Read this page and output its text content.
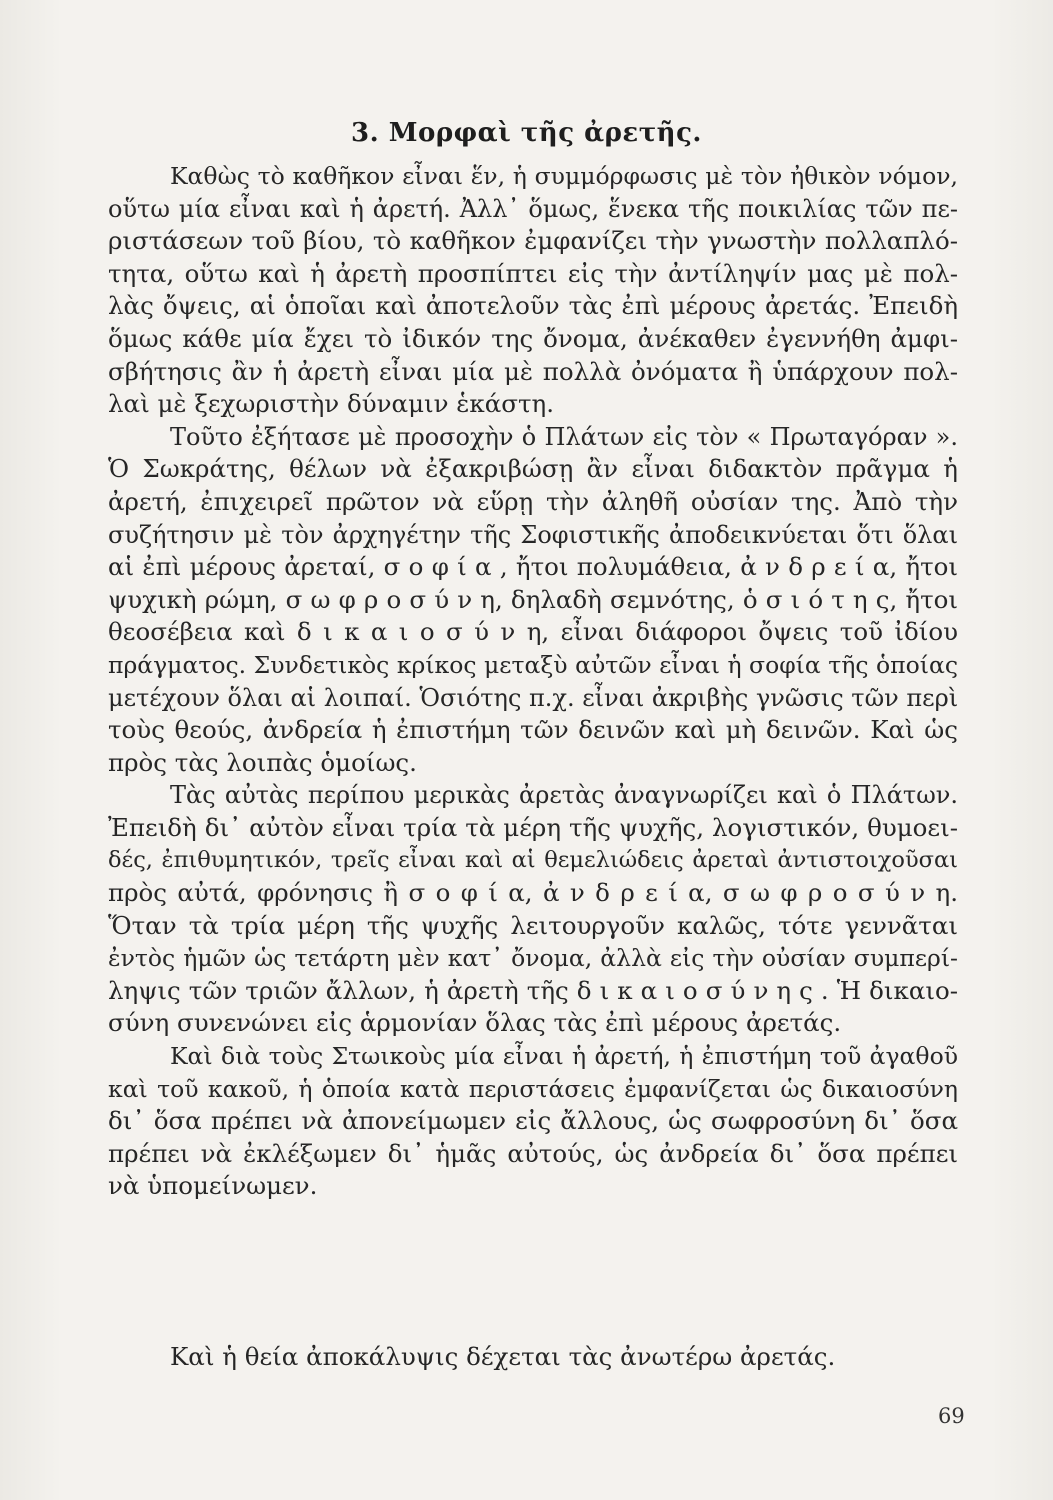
3. Μορφαὶ τῆς ἀρετῆς.
Καθὼς τὸ καθῆκον εἶναι ἕν, ἡ συμμόρφωσις μὲ τὸν ἠθικὸν νόμον,
οὕτω μία εἶναι καὶ ἡ ἀρετή. Ἀλλ᾽ ὅμως, ἕνεκα τῆς ποικιλίας τῶν πε-
ριστάσεων τοῦ βίου, τὸ καθῆκον ἐμφανίζει τὴν γνωστὴν πολλαπλό-
τητα, οὕτω καὶ ἡ ἀρετὴ προσπίπτει εἰς τὴν ἀντίληψίν μας μὲ πολ-
λὰς ὄψεις, αἱ ὁποῖαι καὶ ἀποτελοῦν τὰς ἐπὶ μέρους ἀρετάς. Ἐπειδὴ
ὅμως κάθε μία ἔχει τὸ ἰδικόν της ὄνομα, ἀνέκαθεν ἐγεννήθη ἀμφι-
σβήτησις ἂν ἡ ἀρετὴ εἶναι μία μὲ πολλὰ ὀνόματα ἢ ὑπάρχουν πολ-
λαὶ μὲ ξεχωριστὴν δύναμιν ἑκάστη.
Τοῦτο ἐξήτασε μὲ προσοχὴν ὁ Πλάτων εἰς τὸν « Πρωταγόραν ».
Ὁ Σωκράτης, θέλων νὰ ἐξακριβώσῃ ἂν εἶναι διδακτὸν πρᾶγμα ἡ
ἀρετή, ἐπιχειρεῖ πρῶτον νὰ εὕρῃ τὴν ἀληθῆ οὐσίαν της. Ἀπὸ τὴν
συζήτησιν μὲ τὸν ἀρχηγέτην τῆς Σοφιστικῆς ἀποδεικνύεται ὅτι ὅλαι
αἱ ἐπὶ μέρους ἀρεταί, σ ο φ ί α , ἤτοι πολυμάθεια, ἀ ν δ ρ ε ί α, ἤτοι
ψυχικὴ ρώμη, σ ω φ ρ ο σ ύ ν η, δηλαδὴ σεμνότης, ὁ σ ι ό τ η ς, ἤτοι
θεοσέβεια καὶ δ ι κ α ι ο σ ύ ν η, εἶναι διάφοροι ὄψεις τοῦ ἰδίου
πράγματος. Συνδετικὸς κρίκος μεταξὺ αὐτῶν εἶναι ἡ σοφία τῆς ὁποίας
μετέχουν ὅλαι αἱ λοιπαί. Ὁσιότης π.χ. εἶναι ἀκριβὴς γνῶσις τῶν περὶ
τοὺς θεούς, ἀνδρεία ἡ ἐπιστήμη τῶν δεινῶν καὶ μὴ δεινῶν. Καὶ ὡς
πρὸς τὰς λοιπὰς ὁμοίως.
Τὰς αὐτὰς περίπου μερικὰς ἀρετὰς ἀναγνωρίζει καὶ ὁ Πλάτων.
Ἐπειδὴ δι᾽ αὐτὸν εἶναι τρία τὰ μέρη τῆς ψυχῆς, λογιστικόν, θυμοει-
δές, ἐπιθυμητικόν, τρεῖς εἶναι καὶ αἱ θεμελιώδεις ἀρεταὶ ἀντιστοιχοῦσαι
πρὸς αὐτά, φρόνησις ἢ σ ο φ ί α, ἀ ν δ ρ ε ί α, σ ω φ ρ ο σ ύ ν η.
Ὅταν τὰ τρία μέρη τῆς ψυχῆς λειτουργοῦν καλῶς, τότε γεννᾶται
ἐντὸς ἡμῶν ὡς τετάρτη μὲν κατ᾽ ὄνομα, ἀλλὰ εἰς τὴν οὐσίαν συμπερί-
ληψις τῶν τριῶν ἄλλων, ἡ ἀρετὴ τῆς δ ι κ α ι ο σ ύ ν η ς . Ἡ δικαιο-
σύνη συνενώνει εἰς ἁρμονίαν ὅλας τὰς ἐπὶ μέρους ἀρετάς.
Καὶ διὰ τοὺς Στωικοὺς μία εἶναι ἡ ἀρετή, ἡ ἐπιστήμη τοῦ ἀγαθοῦ
καὶ τοῦ κακοῦ, ἡ ὁποία κατὰ περιστάσεις ἐμφανίζεται ὡς δικαιοσύνη
δι᾽ ὅσα πρέπει νὰ ἀπονείμωμεν εἰς ἄλλους, ὡς σωφροσύνη δι᾽ ὅσα
πρέπει νὰ ἐκλέξωμεν δι᾽ ἡμᾶς αὐτούς, ὡς ἀνδρεία δι᾽ ὅσα πρέπει
νὰ ὑπομείνωμεν.
Καὶ ἡ θεία ἀποκάλυψις δέχεται τὰς ἀνωτέρω ἀρετάς.
69
